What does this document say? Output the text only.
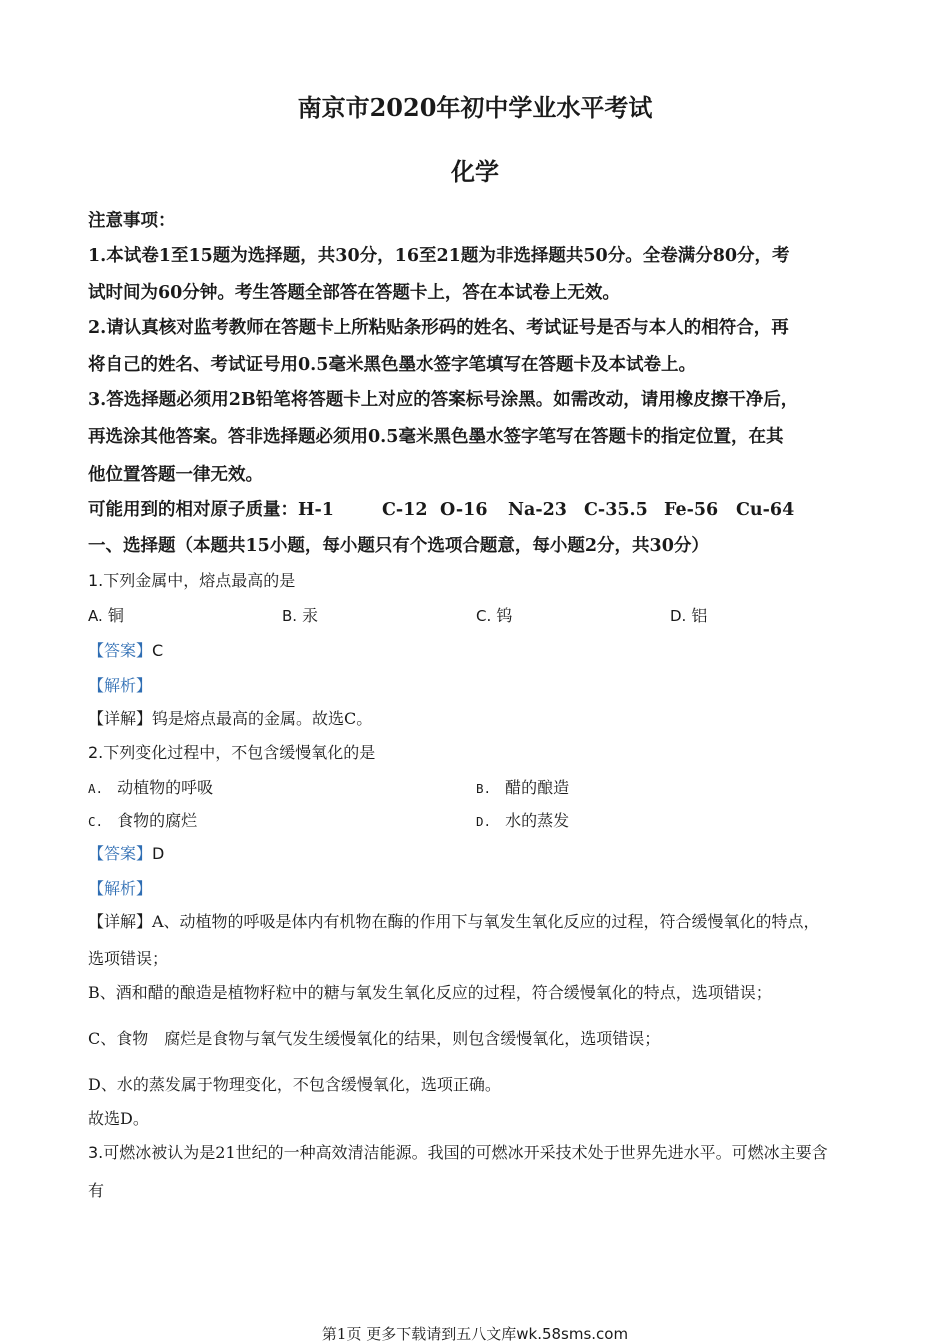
南京市2020年初中学业水平考试
化学
注意事项：
1.本试卷1至15题为选择题，共30分，16至21题为非选择题共50分。全卷满分80分，考
试时间为60分钟。考生答题全部答在答题卡上，答在本试卷上无效。
2.请认真核对监考教师在答题卡上所粘贴条形码的姓名、考试证号是否与本人的相符合，再
将自己的姓名、考试证号用0.5毫米黑色墨水签字笔填写在答题卡及本试卷上。
3.答选择题必须用2B铅笔将答题卡上对应的答案标号涂黑。如需改动，请用橡皮擦干净后，
再选涂其他答案。答非选择题必须用0.5毫米黑色墨水签字笔写在答题卡的指定位置，在其
他位置答题一律无效。
可能用到的相对原子质量：H-1	C-12 O-16 Na-23 C-35.5 Fe-56 Cu-64
一、选择题（本题共15小题，每小题只有个选项合题意，每小题2分，共30分）
1.下列金属中，熔点最高的是
A. 铜	B. 汞	C. 钨	D. 铝
【答案】C
【解析】
【详解】钨是熔点最高的金属。故选C。
2.下列变化过程中，不包含缓慢氧化的是
A. 动植物的呼吸	B. 醋的酿造
C. 食物的腐烂	D. 水的蒸发
【答案】D
【解析】
【详解】A、动植物的呼吸是体内有机物在酶的作用下与氧发生氧化反应的过程，符合缓慢氧化的特点，
选项错误；
B、酒和醋的酿造是植物籽粒中的糖与氧发生氧化反应的过程，符合缓慢氧化的特点，选项错误；
C、食物　腐烂是食物与氧气发生缓慢氧化的结果，则包含缓慢氧化，选项错误；
D、水的蒸发属于物理变化，不包含缓慢氧化，选项正确。
故选D。
3.可燃冰被认为是21世纪的一种高效清洁能源。我国的可燃冰开采技术处于世界先进水平。可燃冰主要含
有
第1页 更多下载请到五八文库wk.58sms.com
